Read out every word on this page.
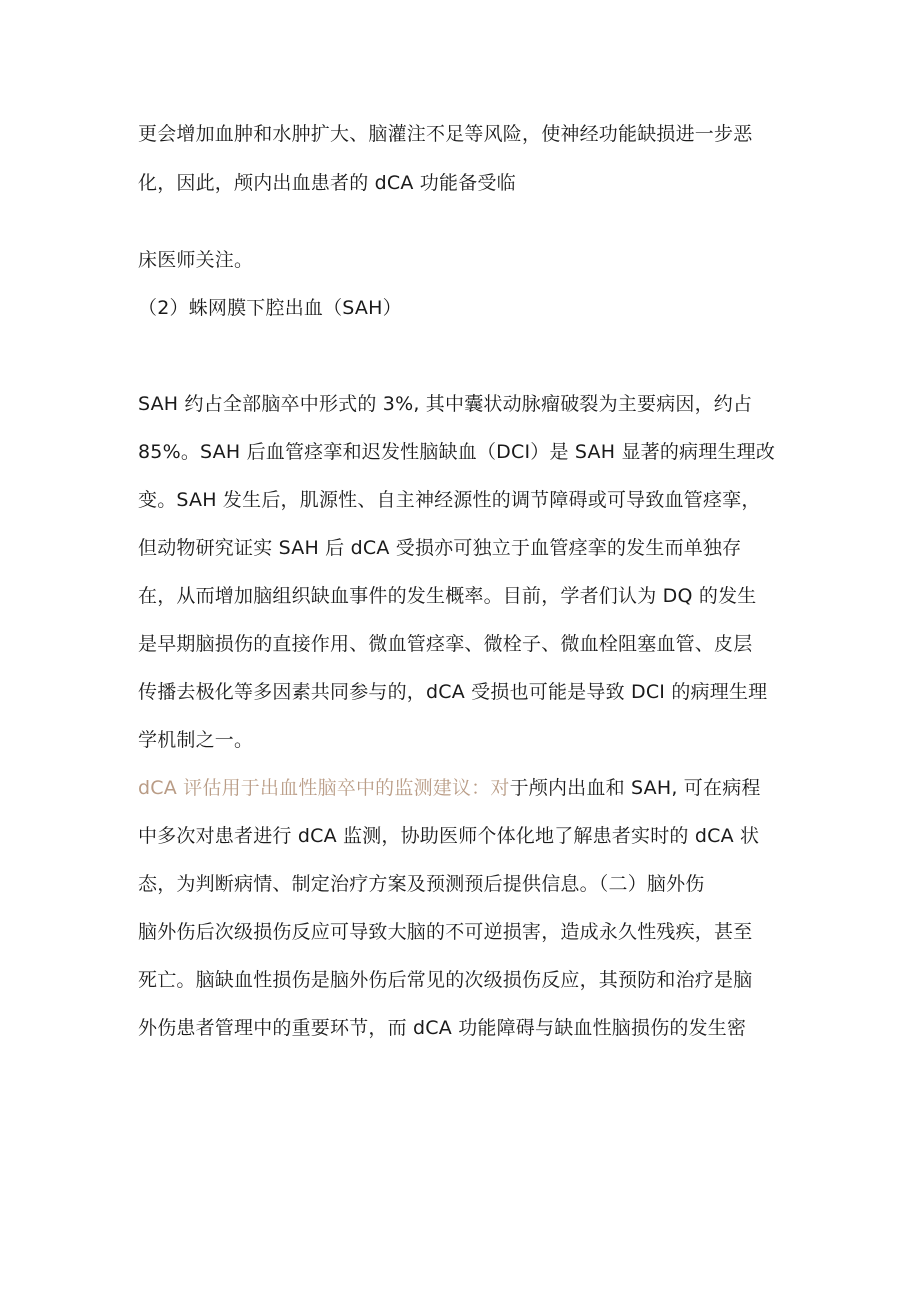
更会增加血肿和水肿扩大、脑灌注不足等风险，使神经功能缺损进一步恶
化，因此，颅内出血患者的 dCA 功能备受临
床医师关注。
（2）蛛网膜下腔出血（SAH）
SAH 约占全部脑卒中形式的 3%, 其中囊状动脉瘤破裂为主要病因，约占
85%。SAH 后血管痉挛和迟发性脑缺血（DCI）是 SAH 显著的病理生理改
变。SAH 发生后，肌源性、自主神经源性的调节障碍或可导致血管痉挛，
但动物研究证实 SAH 后 dCA 受损亦可独立于血管痉挛的发生而单独存
在，从而增加脑组织缺血事件的发生概率。目前，学者们认为 DQ 的发生
是早期脑损伤的直接作用、微血管痉挛、微栓子、微血栓阻塞血管、皮层
传播去极化等多因素共同参与的，dCA 受损也可能是导致 DCI 的病理生理
学机制之一。
dCA 评估用于出血性脑卒中的监测建议：对于颅内出血和 SAH, 可在病程
中多次对患者进行 dCA 监测，协助医师个体化地了解患者实时的 dCA 状
态，为判断病情、制定治疗方案及预测预后提供信息。（二）脑外伤
脑外伤后次级损伤反应可导致大脑的不可逆损害，造成永久性残疾，甚至
死亡。脑缺血性损伤是脑外伤后常见的次级损伤反应，其预防和治疗是脑
外伤患者管理中的重要环节，而 dCA 功能障碍与缺血性脑损伤的发生密
